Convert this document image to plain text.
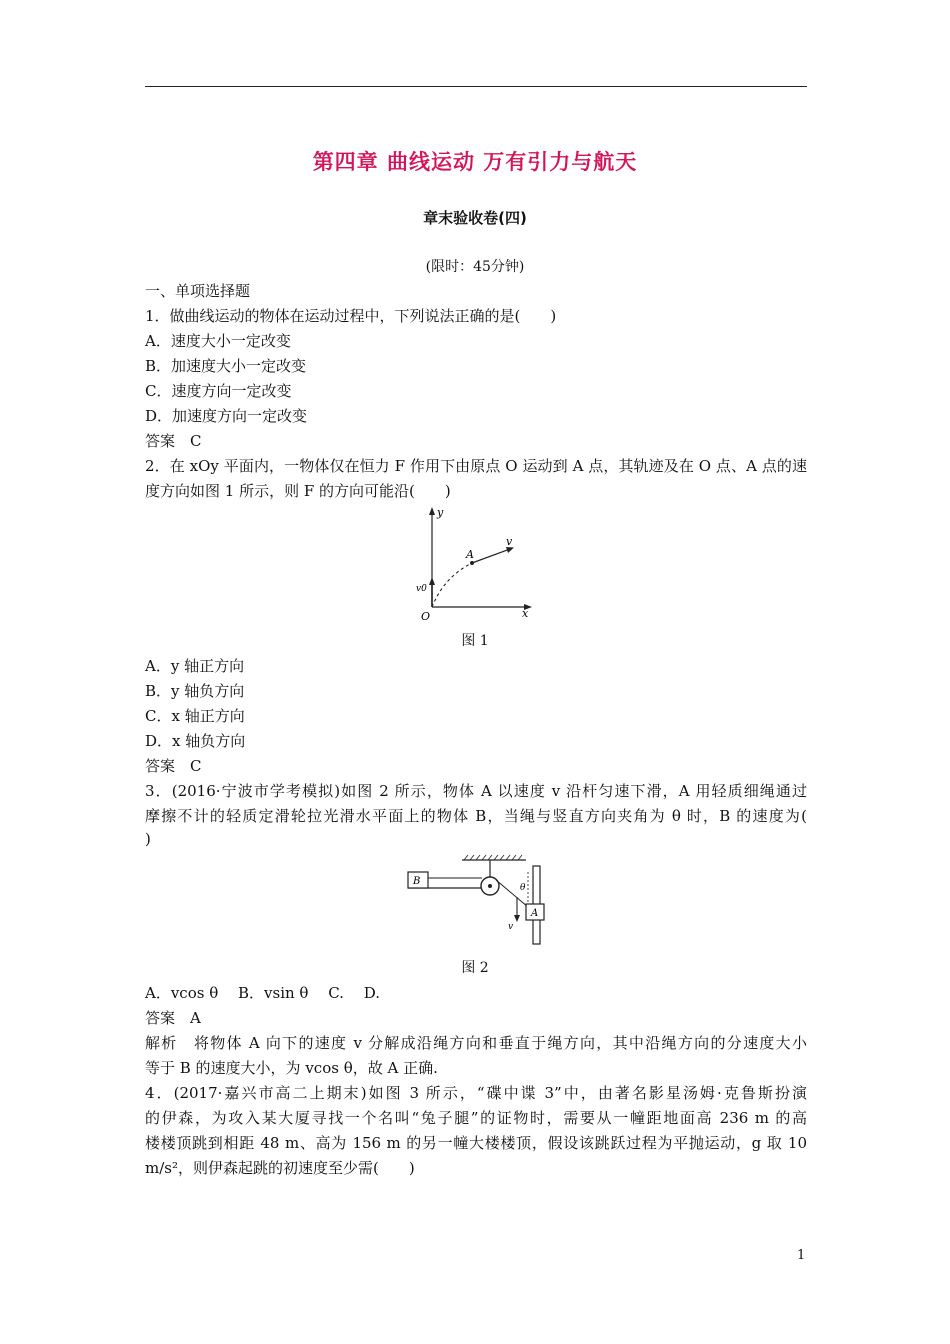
第四章 曲线运动 万有引力与航天
章末验收卷(四)
(限时：45分钟)
一、单项选择题
1．做曲线运动的物体在运动过程中，下列说法正确的是(　　)
A．速度大小一定改变
B．加速度大小一定改变
C．速度方向一定改变
D．加速度方向一定改变
答案　C
2．在 xOy 平面内，一物体仅在恒力 F 作用下由原点 O 运动到 A 点，其轨迹及在 O 点、A 点的速
度方向如图 1 所示，则 F 的方向可能沿(　　)
y
x
O
A
v
v0
图 1
A．y 轴正方向
B．y 轴负方向
C．x 轴正方向
D．x 轴负方向
答案　C
3．(2016·宁波市学考模拟)如图 2 所示，物体 A 以速度 v 沿杆匀速下滑，A 用轻质细绳通过
摩擦不计的轻质定滑轮拉光滑水平面上的物体 B，当绳与竖直方向夹角为 θ 时，B 的速度为(
)
B
A
θ
v
图 2
A．vcos θ　 B．vsin θ　 C.　 D.
答案　A
解析　将物体 A 向下的速度 v 分解成沿绳方向和垂直于绳方向，其中沿绳方向的分速度大小
等于 B 的速度大小，为 vcos θ，故 A 正确.
4．(2017·嘉兴市高二上期末)如图 3 所示，“碟中谍 3”中，由著名影星汤姆·克鲁斯扮演
的伊森，为攻入某大厦寻找一个名叫“兔子腿”的证物时，需要从一幢距地面高 236 m 的高
楼楼顶跳到相距 48 m、高为 156 m 的另一幢大楼楼顶，假设该跳跃过程为平抛运动，g 取 10
m/s²，则伊森起跳的初速度至少需(　　)
1
